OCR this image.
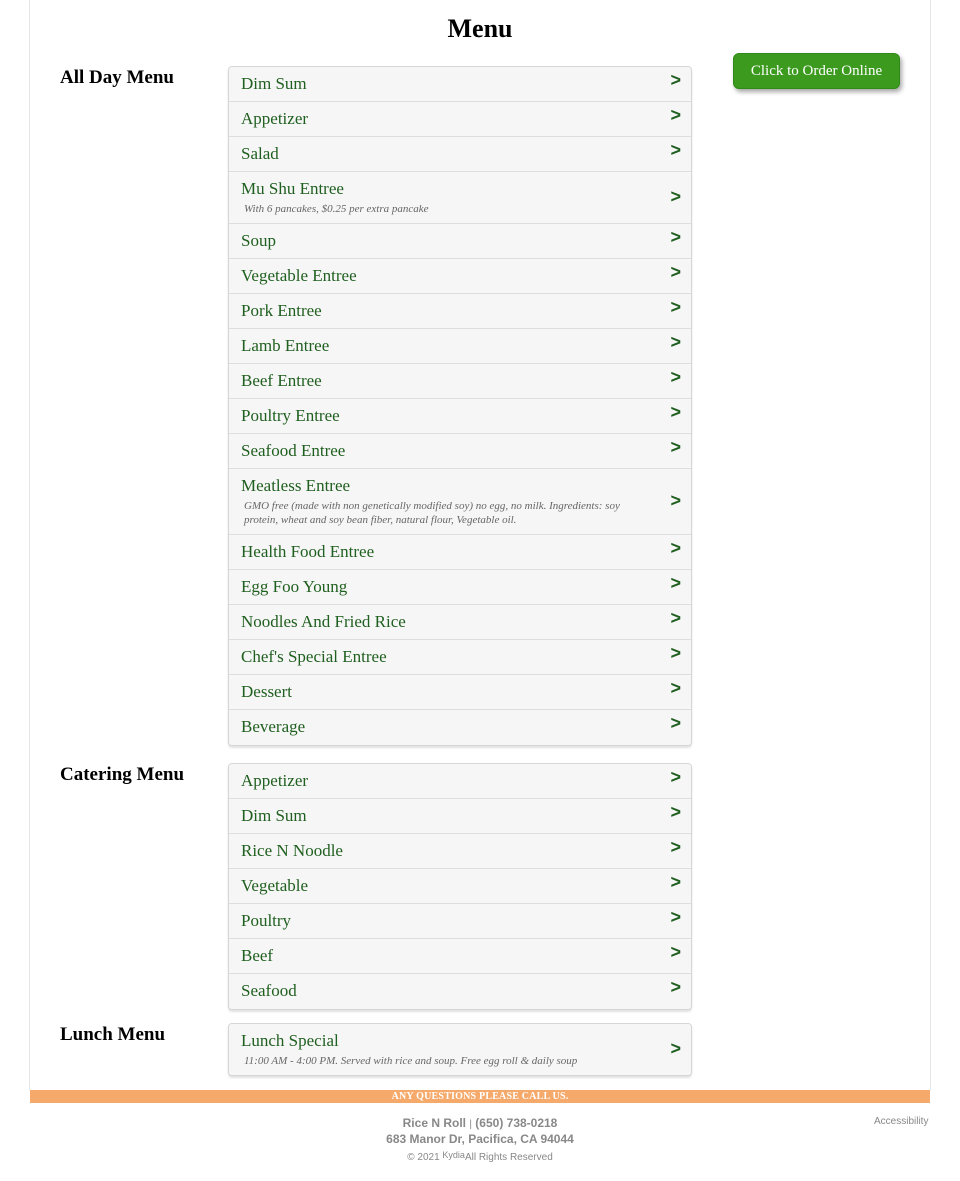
Menu
Click to Order Online
All Day Menu	Dim Sum	>
Appetizer	>
Salad	>
Mu Shu Entree
With 6 pancakes, $0.25 per extra pancake
>
Soup	>
Vegetable Entree	>
Pork Entree	>
Lamb Entree	>
Beef Entree	>
Poultry Entree	>
Seafood Entree	>
Meatless Entree
GMO free (made with non genetically modified soy) no egg, no milk. Ingredients: soy protein, wheat and soy bean fiber, natural flour, Vegetable oil.
>
Health Food Entree	>
Egg Foo Young	>
Noodles And Fried Rice	>
Chef's Special Entree	>
Dessert	>
Beverage	>
Catering Menu	Appetizer	>
Dim Sum	>
Rice N Noodle	>
Vegetable	>
Poultry	>
Beef	>
Seafood	>
Lunch Menu	Lunch Special
11:00 AM - 4:00 PM. Served with rice and soup. Free egg roll & daily soup
>
ANY QUESTIONS PLEASE CALL US.
Rice N Roll | (650) 738-0218
683 Manor Dr, Pacifica, CA 94044
© 2021 KydiaAll Rights Reserved
Accessibility
